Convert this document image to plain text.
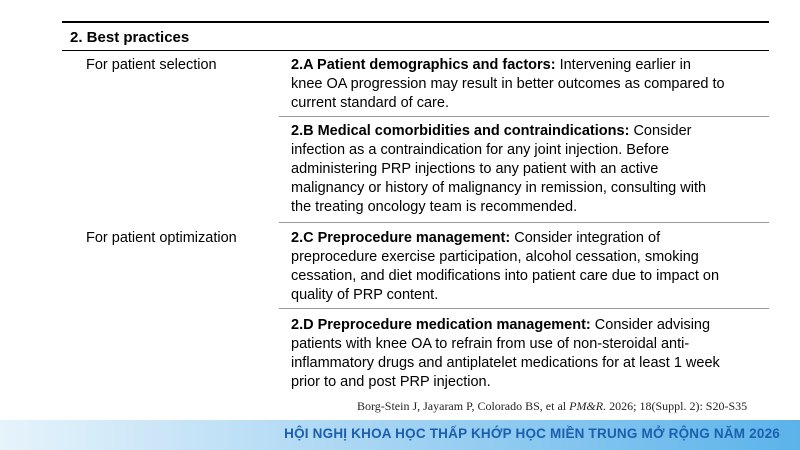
2. Best practices
For patient selection	2.A Patient demographics and factors: Intervening earlier in
knee OA progression may result in better outcomes as compared to
current standard of care.
2.B Medical comorbidities and contraindications: Consider
infection as a contraindication for any joint injection. Before
administering PRP injections to any patient with an active
malignancy or history of malignancy in remission, consulting with
the treating oncology team is recommended.
For patient optimization	2.C Preprocedure management: Consider integration of
preprocedure exercise participation, alcohol cessation, smoking
cessation, and diet modifications into patient care due to impact on
quality of PRP content.
2.D Preprocedure medication management: Consider advising
patients with knee OA to refrain from use of non-steroidal anti-
inflammatory drugs and antiplatelet medications for at least 1 week
prior to and post PRP injection.
Borg-Stein J, Jayaram P, Colorado BS, et al PM&R. 2026; 18(Suppl. 2): S20-S35
HỘI NGHỊ KHOA HỌC THẤP KHỚP HỌC MIỀN TRUNG MỞ RỘNG NĂM 2026
